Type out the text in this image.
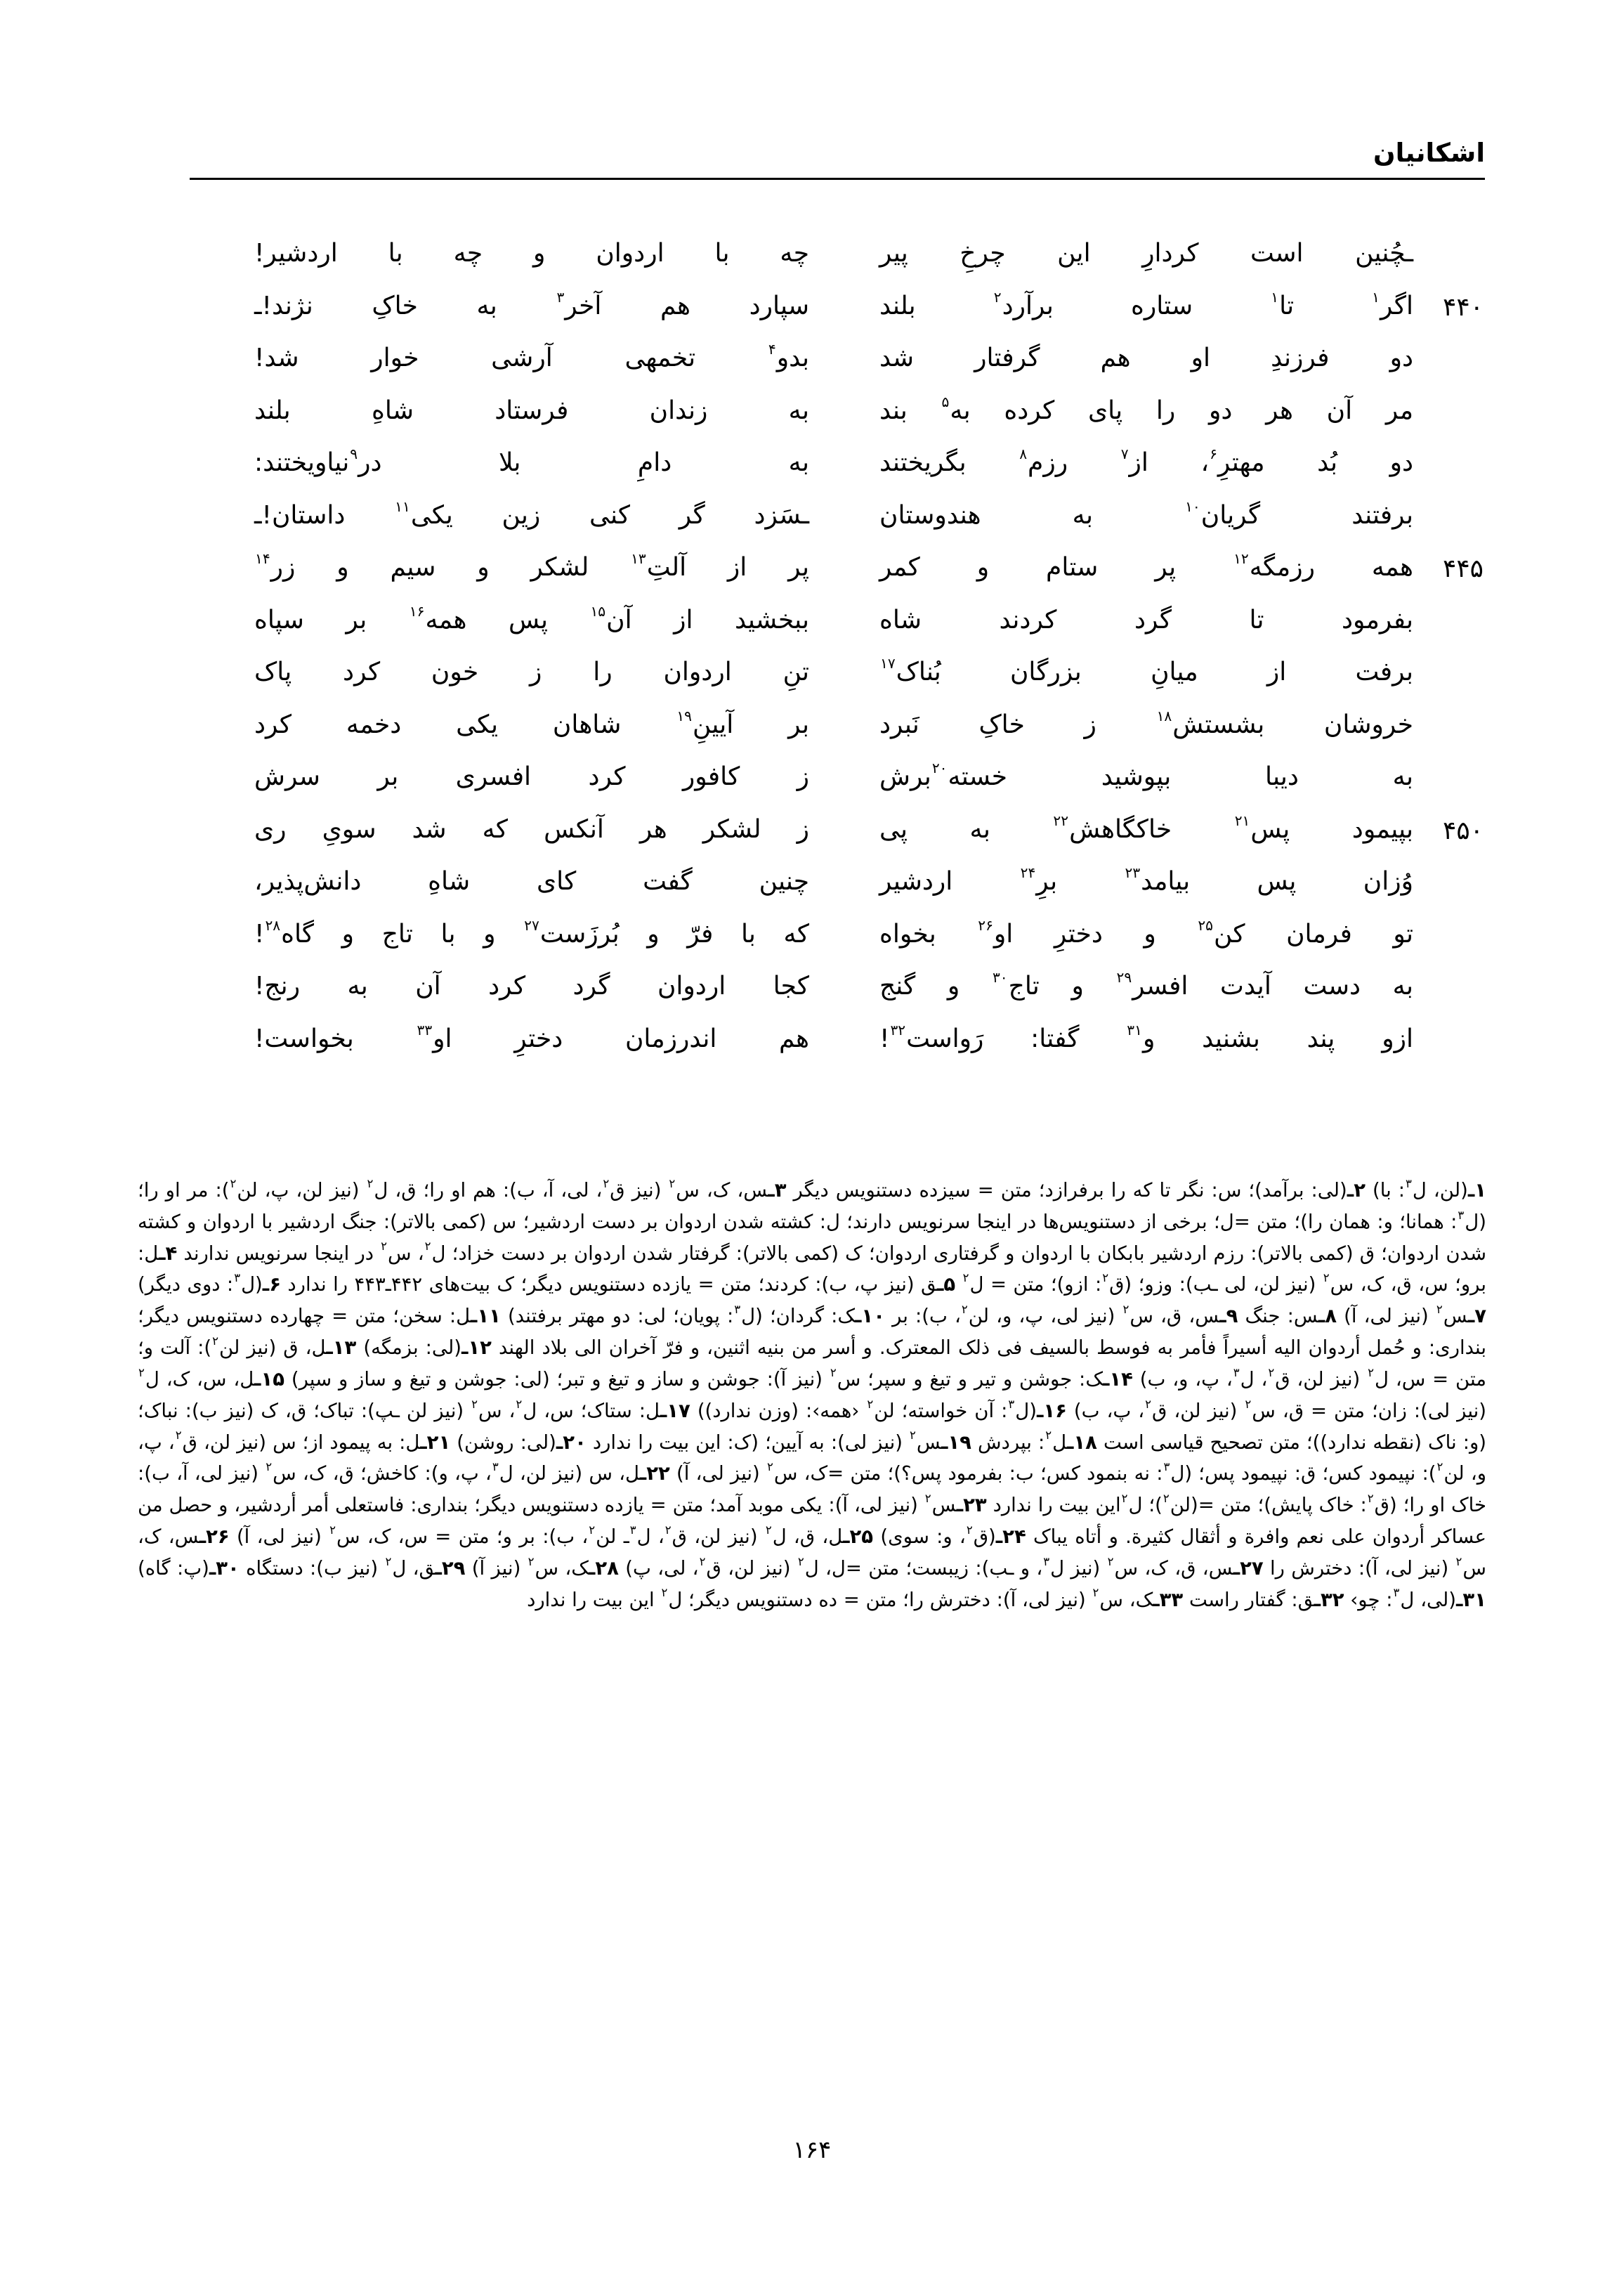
اشکانیان
ـچُنین است کردارِ این چرخِ پیر
چه با اردوان و چه با اردشیر!
۴۴۰
اگر$^۱$ تا$^۱$ ستاره برآرد$^۲$ بلند
سپارد هم آخر$^۳$ به خاکِ نژند!ـ
دو فرزندِ او هم گرفتار شد
بدو$^۴$ تخمهی آرشی خوار شد!
مر آن هر دو را پای کرده به$^۵$ بند
به زندان فرستاد شاهِ بلند
دو بُد مهترِ$^۶$، از$^۷$ رزم$^۸$ بگریختند
به دامِ بلا در$^۹$نیاویختند:
برفتند گریان$^{۱۰}$ به هندوستان
ـسَزد گر کنی زین یکی$^{۱۱}$ داستان!ـ
۴۴۵
همه رزمگه$^{۱۲}$ پر ستام و کمر
پر از آلتِ$^{۱۳}$ لشکر و سیم و زر$^{۱۴}$
بفرمود تا گرد کردند شاه
ببخشید از آن$^{۱۵}$ پس همه$^{۱۶}$ بر سپاه
برفت از میانِ بزرگان بُناک$^{۱۷}$
تنِ اردوان را ز خون کرد پاک
خروشان بشستش$^{۱۸}$ ز خاکِ نَبرد
بر آیینِ$^{۱۹}$ شاهان یکی دخمه کرد
به دیبا بپوشید خسته$^{۲۰}$برش
ز کافور کرد افسری بر سرش
۴۵۰
بپیمود پس$^{۲۱}$ خاکگاهش$^{۲۲}$ به پی
ز لشکر هر آنکس که شد سویِ ری
وُزان پس بیامد$^{۲۳}$ برِ$^{۲۴}$ اردشیر
چنین گفت کای شاهِ دانش‌پذیر،
تو فرمان کن$^{۲۵}$ و دخترِ او$^{۲۶}$ بخواه
که با فرّ و بُرزَست$^{۲۷}$ و با تاج و گاه$^{۲۸}$!
به دست آیدت افسر$^{۲۹}$ و تاج$^{۳۰}$ و گنج
کجا اردوان گرد کرد آن به رنج!
ازو پند بشنید و$^{۳۱}$ گفتا: رَواست$^{۳۲}$!
هم اندرزمان دخترِ او$^{۳۳}$ بخواست!
۱ـ(لن، ل$^۳$: با)‏ ۲ـ(لی: برآمد)؛ س: نگر تا که را برفرازد؛ متن = سیزده دستنویس دیگر‏ ۳ـس، ک، س$^۲$ (نیز ق$^۲$، لی، آ، ب): هم او را؛ ق، ل$^۲$ (نیز لن، پ، لن$^۲$): مر او را؛ (ل$^۳$: همانا؛ و: همان را)؛ متن =ل؛ برخی از دستنویس‌ها در اینجا سرنویس دارند؛ ل: کشته شدن اردوان بر دست اردشیر؛ س (کمی بالاتر): جنگ اردشیر با اردوان و کشته شدن اردوان؛ ق (کمی بالاتر): رزم اردشیر بابکان با اردوان و گرفتاری اردوان؛ ک (کمی بالاتر): گرفتار شدن اردوان بر دست خزاد؛ ل$^۲$، س$^۲$ در اینجا سرنویس ندارند‏ ۴ـل: برو؛ س، ق، ک، س$^۲$ (نیز لن، لی ـب): وزو؛ (ق$^۲$: ازو)؛ متن = ل$^۲$‏ ۵ـق (نیز پ، ب): کردند؛ متن = یازده دستنویس دیگر؛ ک بیت‌های ۴۴۲ـ۴۴۳ را ندارد‏ ۶ـ(ل$^۳$: دوی دیگر)‏ ۷ـس$^۲$ (نیز لی، آ)‏ ۸ـس: جنگ‏ ۹ـس، ق، س$^۲$ (نیز لی، پ، و، لن$^۲$، ب): بر‏ ۱۰ـک: گردان؛ (ل$^۳$: پویان؛ لی: دو مهتر برفتند)‏ ۱۱ـل: سخن؛ متن = چهارده دستنویس دیگر؛ بنداری: و حُمل أردوان الیه أسیراً فأمر به فوسط بالسیف فی ذلک المعترک. و أسر من بنیه اثنین، و فرّ آخران الی بلاد الهند‏ ۱۲ـ(لی: بزمگه)‏ ۱۳ـل، ق (نیز لن$^۲$): آلت و؛ متن = س، ل$^۲$ (نیز لن، ق$^۲$، ل$^۳$، پ، و، ب)‏ ۱۴ـک: جوشن و تیر و تیغ و سپر؛ س$^۲$ (نیز آ): جوشن و ساز و تیغ و تبر؛ (لی: جوشن و تیغ و ساز و سپر)‏ ۱۵ـل، س، ک، ل$^۲$ (نیز لی): زان؛ متن = ق، س$^۲$ (نیز لن، ق$^۲$، پ، ب)‏ ۱۶ـ(ل$^۳$: آن خواسته؛ لن$^۲$ ‹همه›: (وزن ندارد))‏ ۱۷ـل: ستاک؛ س، ل$^۲$، س$^۲$ (نیز لن ـپ): تباک؛ ق، ک (نیز ب): نباک؛ (و: ناک (نقطه ندارد))؛ متن تصحیح قیاسی است‏ ۱۸ـل$^۲$: بپردش‏ ۱۹ـس$^۲$ (نیز لی): به آیین؛ (ک: این بیت را ندارد‏ ۲۰ـ(لی: روشن)‏ ۲۱ـل: به پیمود از؛ س (نیز لن، ق$^۲$، پ، و، لن$^۲$): نپیمود کس؛ ق: نپیمود پس؛ (ل$^۳$: نه بنمود کس؛ ب: بفرمود پس؟)؛ متن =ک، س$^۲$ (نیز لی، آ)‏ ۲۲ـل، س (نیز لن، ل$^۳$، پ، و): کاخش؛ ق، ک، س$^۲$ (نیز لی، آ، ب): خاک او را؛ (ق$^۲$: خاک پایش)؛ متن =(لن$^۲$)؛ ل$^۲$این بیت را ندارد‏ ۲۳ـس$^۲$ (نیز لی، آ): یکی موبد آمد؛ متن = یازده دستنویس دیگر؛ بنداری: فاستعلی أمر أردشیر، و حصل من عساکر أردوان علی نعم وافرة و أثقال کثیرة. و أتاه یباک‏ ۲۴ـ(ق$^۲$، و: سوی)‏ ۲۵ـل، ق، ل$^۲$ (نیز لن، ق$^۲$، ل$^۳$ـ لن$^۲$، ب): بر و؛ متن = س، ک، س$^۲$ (نیز لی، آ)‏ ۲۶ـس، ک، س$^۲$ (نیز لی، آ): دخترش را‏ ۲۷ـس، ق، ک، س$^۲$ (نیز ل$^۳$، و ـب): زیبست؛ متن =ل، ل$^۲$ (نیز لن، ق$^۲$، لی، پ)‏ ۲۸ـک، س$^۲$ (نیز آ)‏ ۲۹ـق، ل$^۲$ (نیز ب): دستگاه‏ ۳۰ـ(پ: گاه)‏ ۳۱ـ(لی، ل$^۳$: چو›‏ ۳۲ـق: گفتار راست‏ ۳۳ـک، س$^۲$ (نیز لی، آ): دخترش را؛ متن = ده دستنویس دیگر؛ ل$^۲$ این بیت را ندارد
۱۶۴
